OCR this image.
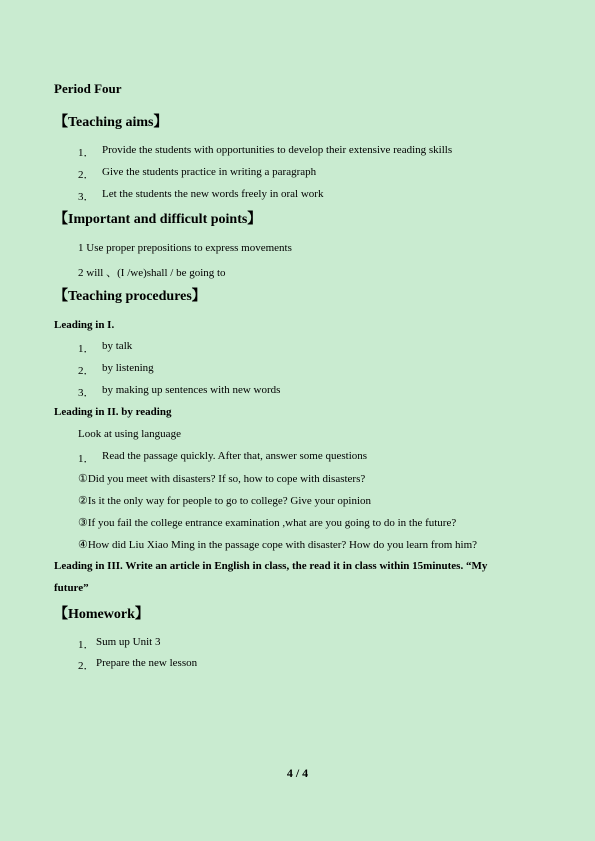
Period Four
【Teaching aims】
1． Provide the students with opportunities to develop their extensive reading skills
2． Give the students practice in writing a paragraph
3． Let the students the new words freely in oral work
【Important and difficult points】
1 Use proper prepositions to express movements
2 will 、(I /we)shall / be going to
【Teaching procedures】
Leading in I.
1． by talk
2． by listening
3． by making up sentences with new words
Leading in II. by reading
Look at using language
1． Read the passage quickly. After that, answer some questions
①Did you meet with disasters? If so, how to cope with disasters?
②Is it the only way for people to go to college? Give your opinion
③If you fail the college entrance examination ,what are you going to do in the future?
④How did Liu Xiao Ming in the passage cope with disaster? How do you learn from him?
Leading in III. Write an article in English in class, the read it in class within 15minutes. “My
future”
【Homework】
1． Sum up Unit 3
2． Prepare the new lesson
4 / 4
